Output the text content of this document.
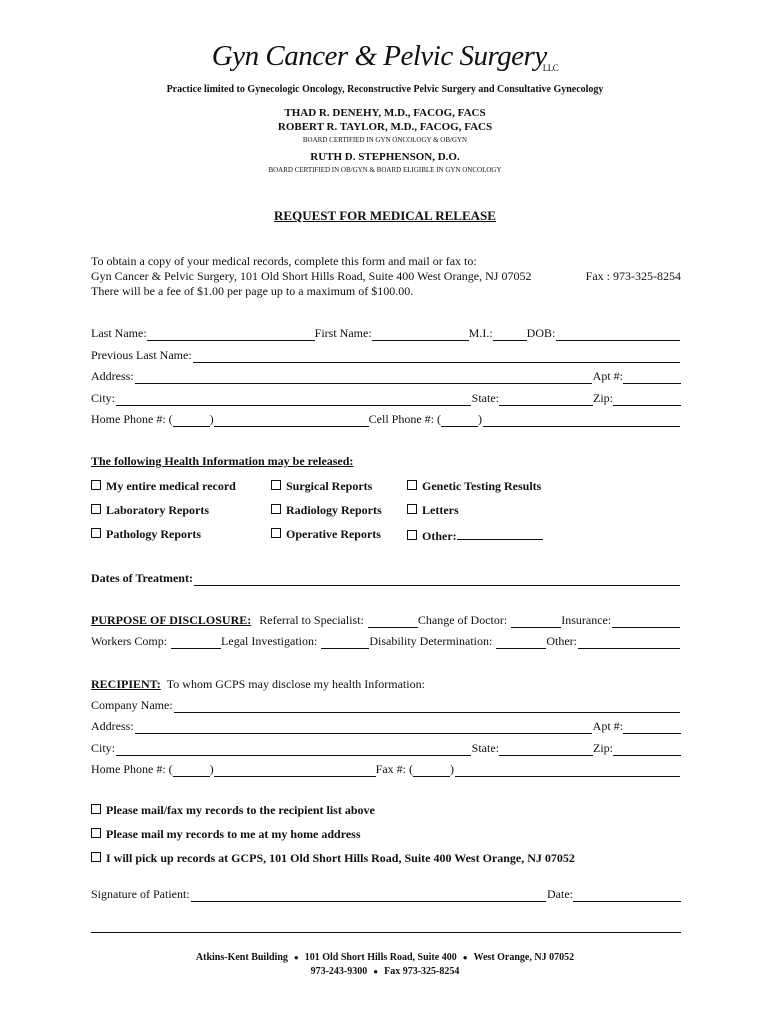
Gyn Cancer & Pelvic Surgery$_{LLC}$
Practice limited to Gynecologic Oncology, Reconstructive Pelvic Surgery and Consultative Gynecology
THAD R. DENEHY, M.D., FACOG, FACS
ROBERT R. TAYLOR, M.D., FACOG, FACS
BOARD CERTIFIED IN GYN ONCOLOGY & OB/GYN
RUTH D. STEPHENSON, D.O.
BOARD CERTIFIED IN OB/GYN & BOARD ELIGIBLE IN GYN ONCOLOGY
REQUEST FOR MEDICAL RELEASE
To obtain a copy of your medical records, complete this form and mail or fax to:
Gyn Cancer & Pelvic Surgery, 101 Old Short Hills Road, Suite 400 West Orange, NJ 07052	Fax : 973-325-8254
There will be a fee of $1.00 per page up to a maximum of $100.00.
Last Name:	First Name:	M.I.:	DOB:
Previous Last Name:
Address:	Apt #:
City:	State:	Zip:
Home Phone #: (	)	Cell Phone #: (	)
The following Health Information may be released:
My entire medical record	Surgical Reports	Genetic Testing Results
Laboratory Reports	Radiology Reports	Letters
Pathology Reports	Operative Reports	Other:
Dates of Treatment:
PURPOSE OF DISCLOSURE: Referral to Specialist:	Change of Doctor:	Insurance:
Workers Comp:	Legal Investigation:	Disability Determination:	Other:
RECIPIENT: To whom GCPS may disclose my health Information:
Company Name:
Address:	Apt #:
City:	State:	Zip:
Home Phone #: (	)	Fax #: (	)
Please mail/fax my records to the recipient list above
Please mail my records to me at my home address
I will pick up records at GCPS, 101 Old Short Hills Road, Suite 400 West Orange, NJ 07052
Signature of Patient:	Date:
Atkins-Kent Building ● 101 Old Short Hills Road, Suite 400 ● West Orange, NJ 07052
973-243-9300 ● Fax 973-325-8254
